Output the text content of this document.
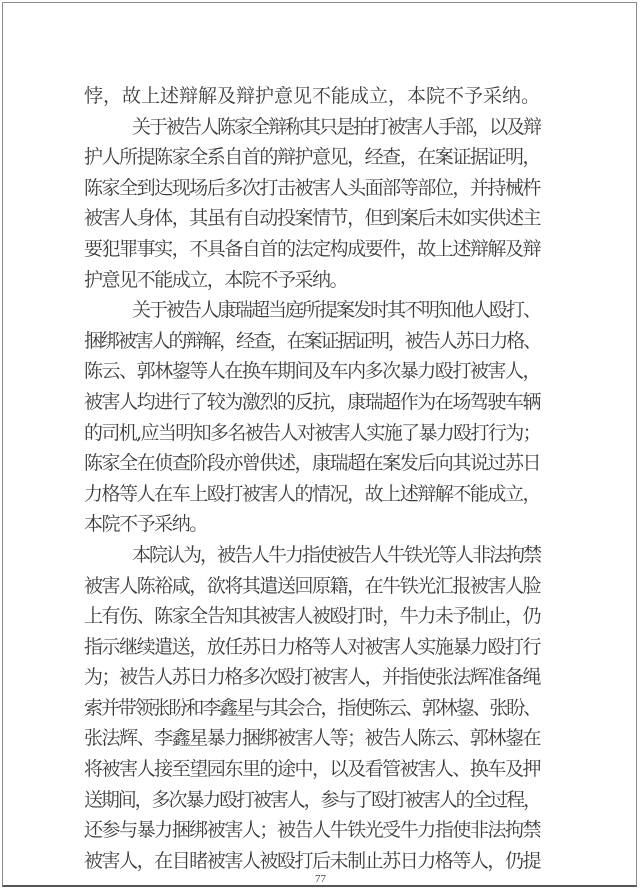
悖，故上述辩解及辩护意见不能成立，本院不予采纳。
关于被告人陈家全辩称其只是拍打被害人手部，以及辩
护人所提陈家全系自首的辩护意见，经查，在案证据证明，
陈家全到达现场后多次打击被害人头面部等部位，并持械杵
被害人身体，其虽有自动投案情节，但到案后未如实供述主
要犯罪事实，不具备自首的法定构成要件，故上述辩解及辩
护意见不能成立，本院不予采纳。
关于被告人康瑞超当庭所提案发时其不明知他人殴打、
捆绑被害人的辩解，经查，在案证据证明，被告人苏日力格、
陈云、郭林鋆等人在换车期间及车内多次暴力殴打被害人，
被害人均进行了较为激烈的反抗，康瑞超作为在场驾驶车辆
的司机,应当明知多名被告人对被害人实施了暴力殴打行为；
陈家全在侦查阶段亦曾供述，康瑞超在案发后向其说过苏日
力格等人在车上殴打被害人的情况，故上述辩解不能成立，
本院不予采纳。
本院认为，被告人牛力指使被告人牛铁光等人非法拘禁
被害人陈裕咸，欲将其遣送回原籍，在牛铁光汇报被害人脸
上有伤、陈家全告知其被害人被殴打时，牛力未予制止，仍
指示继续遣送，放任苏日力格等人对被害人实施暴力殴打行
为；被告人苏日力格多次殴打被害人，并指使张法辉准备绳
索并带领张盼和李鑫星与其会合，指使陈云、郭林鋆、张盼、
张法辉、李鑫星暴力捆绑被害人等；被告人陈云、郭林鋆在
将被害人接至望园东里的途中，以及看管被害人、换车及押
送期间，多次暴力殴打被害人，参与了殴打被害人的全过程，
还参与暴力捆绑被害人；被告人牛铁光受牛力指使非法拘禁
被害人，在目睹被害人被殴打后未制止苏日力格等人，仍提
77
